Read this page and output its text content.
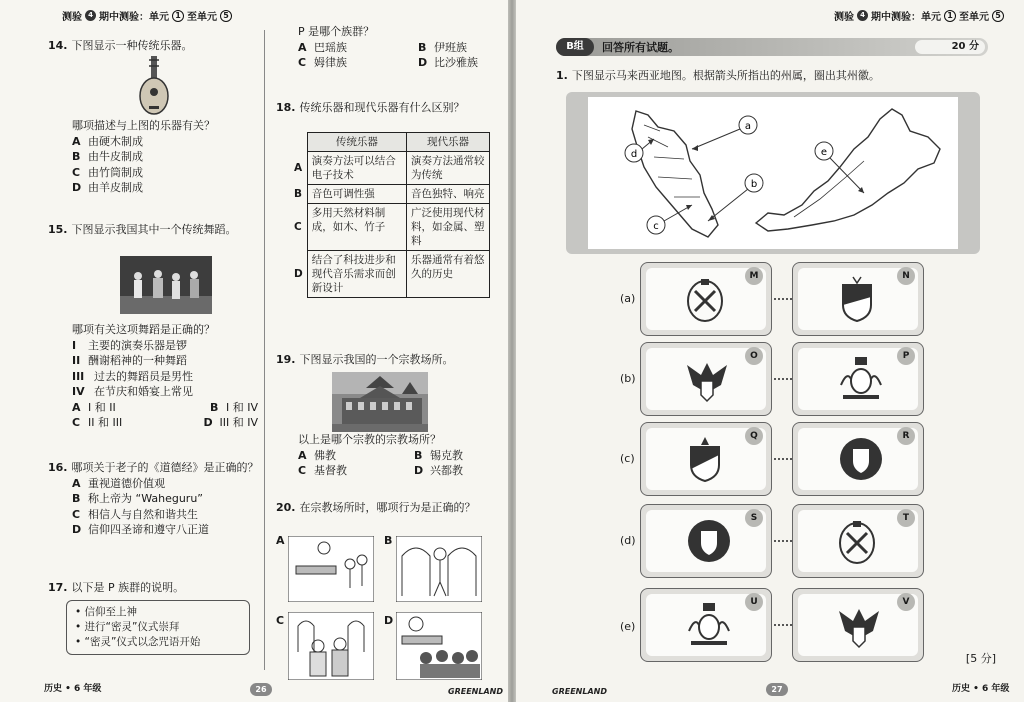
测验 4 期中测验：单元 1 至单元 5
14. 下图显示一种传统乐器。
哪项描述与上图的乐器有关？
A 由硬木制成
B 由牛皮制成
C 由竹筒制成
D 由羊皮制成
15. 下图显示我国其中一个传统舞蹈。
哪项有关这项舞蹈是正确的？
I	主要的演奏乐器是锣
II 酬谢稻神的一种舞蹈
III 过去的舞蹈员是男性
IV 在节庆和婚宴上常见
A I 和 II	B I 和 IV
C II 和 III	D III 和 IV
16. 哪项关于老子的《道德经》是正确的？
A 重视道德价值观
B 称上帝为 “Waheguru”
C 相信人与自然和谐共生
D 信仰四圣谛和遵守八正道
17. 以下是 P 族群的说明。
• 信仰至上神
• 进行“密灵”仪式崇拜
• “密灵”仪式以念咒语开始
P 是哪个族群？
A 巴瑶族	B 伊班族
C 姆律族	D 比沙雅族
18. 传统乐器和现代乐器有什么区别？
	传统乐器	现代乐器
A	演奏方法可以结合电子技术	演奏方法通常较为传统
B	音色可调性强	音色独特、响亮
C	多用天然材料制成，如木、竹子	广泛使用现代材料，如金属、塑料
D	结合了科技进步和现代音乐需求而创新设计	乐器通常有着悠久的历史
19. 下图显示我国的一个宗教场所。
以上是哪个宗教的宗教场所？
A 佛教	B 锡克教
C 基督教	D 兴都教
20. 在宗教场所时，哪项行为是正确的？
A	B
C	D
历史 • 6 年级	26	GREENLAND
测验 4 期中测验：单元 1 至单元 5
B组	回答所有试题。	20 分
1. 下图显示马来西亚地图。根据箭头所指出的州属，圈出其州徽。
a
b
c
d	e
(a)
M	N
(b)
O	P
(c)
Q	R
(d)
S	T
(e)
U	V
[5 分]
GREENLAND	27	历史 • 6 年级
